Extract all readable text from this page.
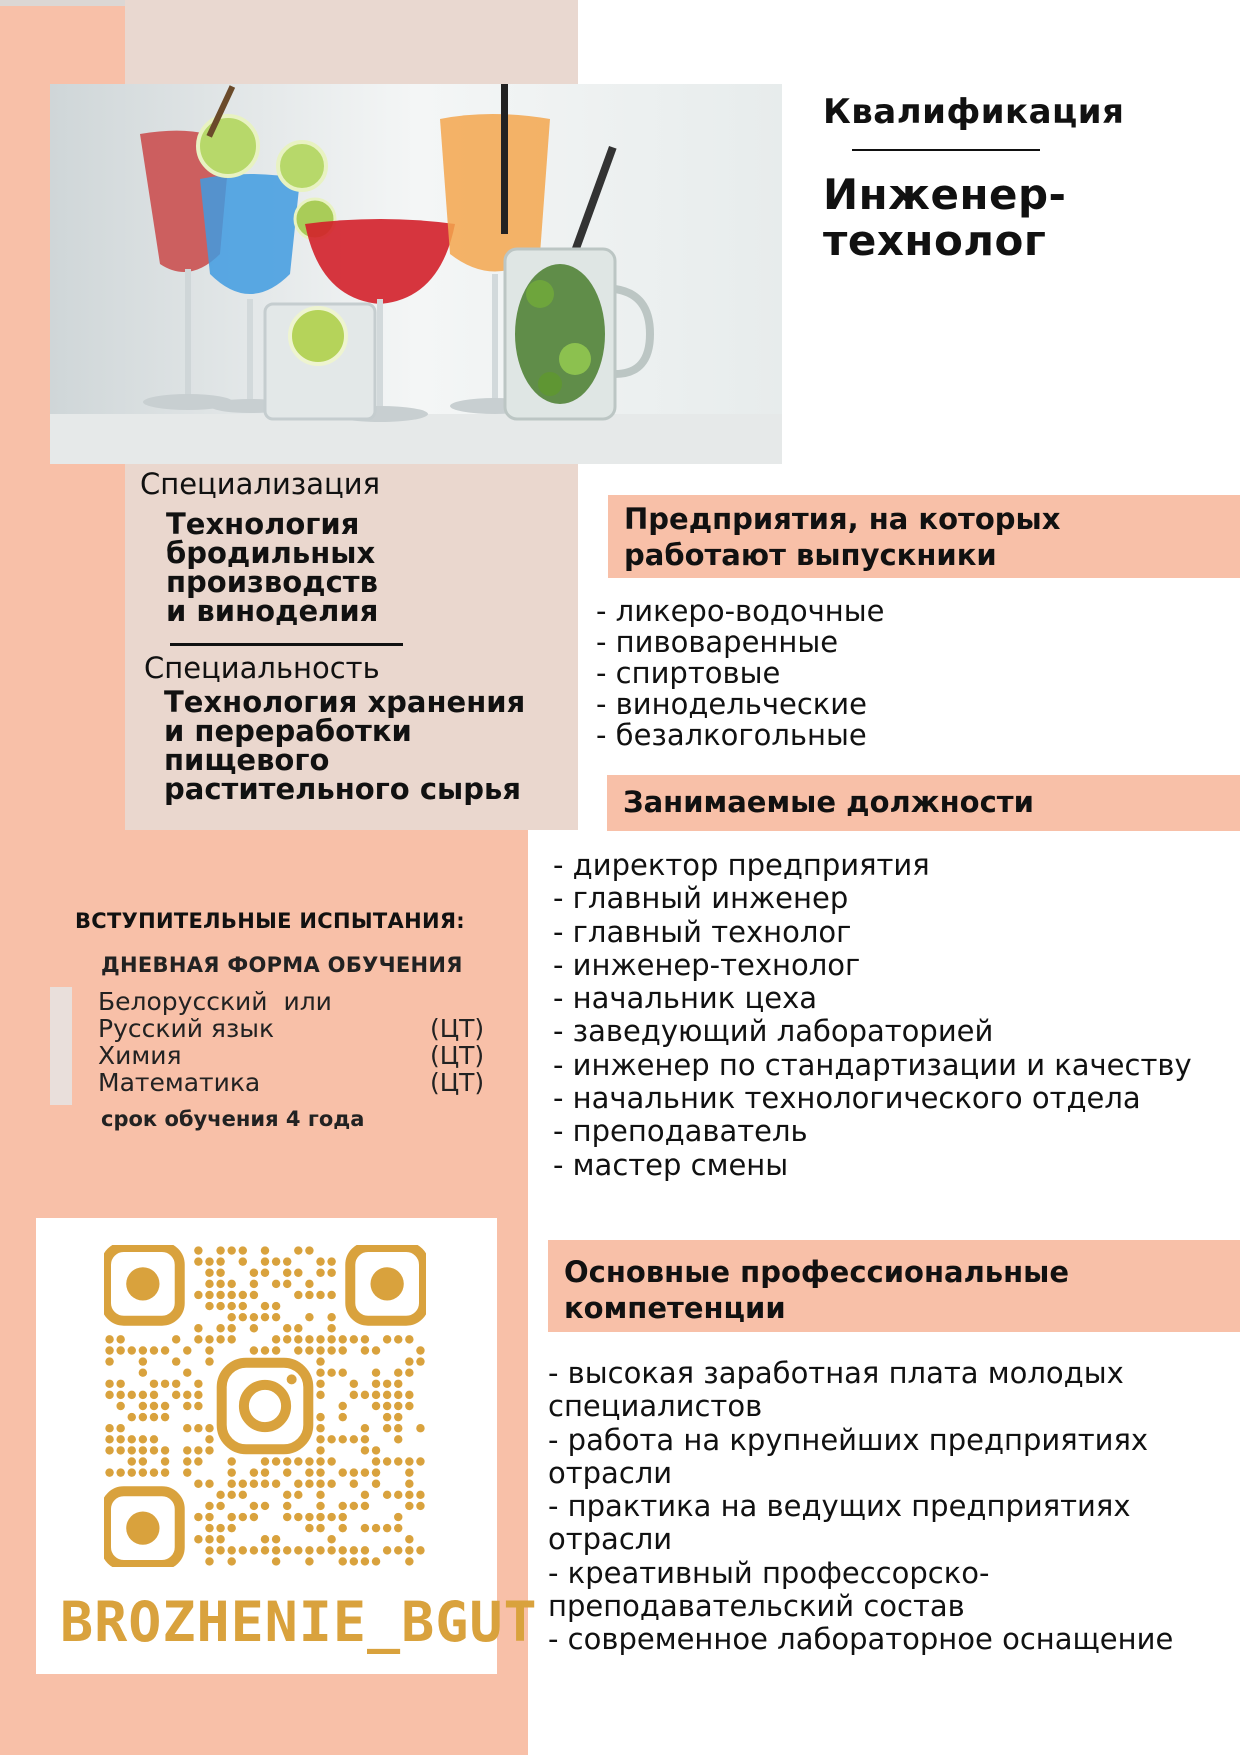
Квалификация
Инженер-
технолог
Специализация
Технология
бродильных
производств
и виноделия
Специальность
Технология хранения
и переработки
пищевого
растительного сырья
Предприятия, на которых
работают выпускники
- ликеро-водочные
- пивоваренные
- спиртовые
- винодельческие
- безалкогольные
Занимаемые должности
- директор предприятия
- главный инженер
- главный технолог
- инженер-технолог
- начальник цеха
- заведующий лабораторией
- инженер по стандартизации и качеству
- начальник технологического отдела
- преподаватель
- мастер смены
Основные профессиональные
компетенции
- высокая заработная плата молодых специалистов
- работа на крупнейших предприятиях отрасли
- практика на ведущих предприятиях отрасли
- креативный профессорско-преподавательский состав
- современное лабораторное оснащение
ВСТУПИТЕЛЬНЫЕ ИСПЫТАНИЯ:
ДНЕВНАЯ ФОРМА ОБУЧЕНИЯ
Белорусский  или
Русский язык	(ЦТ)
Химия	(ЦТ)
Математика	(ЦТ)
срок обучения 4 года
BROZHENIE_BGUT
